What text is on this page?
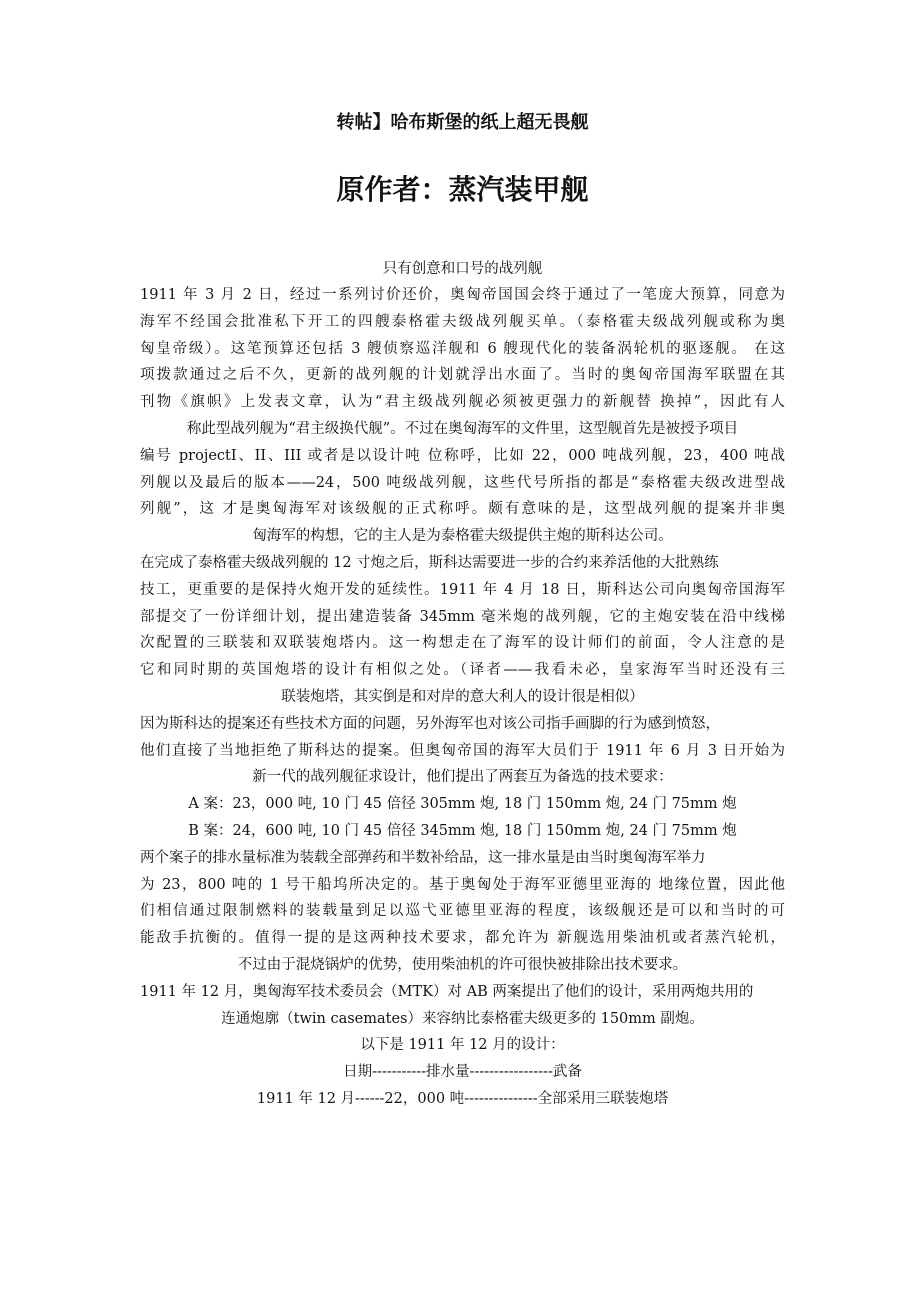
转帖】哈布斯堡的纸上超无畏舰
原作者：蒸汽装甲舰
只有创意和口号的战列舰
1911 年 3 月 2 日，经过一系列讨价还价，奥匈帝国国会终于通过了一笔庞大预算，同意为
海军不经国会批准私下开工的四艘泰格霍夫级战列舰买单。（泰格霍夫级战列舰或称为奥
匈皇帝级）。这笔预算还包括 3 艘侦察巡洋舰和 6 艘现代化的装备涡轮机的驱逐舰。 在这
项拨款通过之后不久，更新的战列舰的计划就浮出水面了。当时的奥匈帝国海军联盟在其
刊物《旗帜》上发表文章，认为“君主级战列舰必须被更强力的新舰替 换掉”，因此有人
称此型战列舰为“君主级换代舰”。不过在奥匈海军的文件里，这型舰首先是被授予项目
编号 projectI、II、III 或者是以设计吨 位称呼，比如 22，000 吨战列舰，23，400 吨战
列舰以及最后的版本——24，500 吨级战列舰，这些代号所指的都是“泰格霍夫级改进型战
列舰”，这 才是奥匈海军对该级舰的正式称呼。颇有意味的是，这型战列舰的提案并非奥
匈海军的构想，它的主人是为泰格霍夫级提供主炮的斯科达公司。
在完成了泰格霍夫级战列舰的 12 寸炮之后，斯科达需要进一步的合约来养活他的大批熟练
技工，更重要的是保持火炮开发的延续性。1911 年 4 月 18 日，斯科达公司向奥匈帝国海军
部提交了一份详细计划，提出建造装备 345mm 毫米炮的战列舰，它的主炮安装在沿中线梯
次配置的三联装和双联装炮塔内。这一构想走在了海军的设计师们的前面，令人注意的是
它和同时期的英国炮塔的设计有相似之处。（译者——我看未必，皇家海军当时还没有三
联装炮塔，其实倒是和对岸的意大利人的设计很是相似）
因为斯科达的提案还有些技术方面的问题，另外海军也对该公司指手画脚的行为感到愤怒，
他们直接了当地拒绝了斯科达的提案。但奥匈帝国的海军大员们于 1911 年 6 月 3 日开始为
新一代的战列舰征求设计，他们提出了两套互为备选的技术要求：
A 案：23，000 吨, 10 门 45 倍径 305mm 炮, 18 门 150mm 炮, 24 门 75mm 炮
B 案：24，600 吨, 10 门 45 倍径 345mm 炮, 18 门 150mm 炮, 24 门 75mm 炮
两个案子的排水量标准为装载全部弹药和半数补给品，这一排水量是由当时奥匈海军举力
为 23，800 吨的 1 号干船坞所决定的。基于奥匈处于海军亚德里亚海的 地缘位置，因此他
们相信通过限制燃料的装载量到足以巡弋亚德里亚海的程度，该级舰还是可以和当时的可
能敌手抗衡的。值得一提的是这两种技术要求，都允许为 新舰选用柴油机或者蒸汽轮机，
不过由于混烧锅炉的优势，使用柴油机的许可很快被排除出技术要求。
1911 年 12 月，奥匈海军技术委员会（MTK）对 AB 两案提出了他们的设计，采用两炮共用的
连通炮廓（twin casemates）来容纳比泰格霍夫级更多的 150mm 副炮。
以下是 1911 年 12 月的设计：
日期-----------排水量-----------------武备
1911 年 12 月------22，000 吨---------------全部采用三联装炮塔
